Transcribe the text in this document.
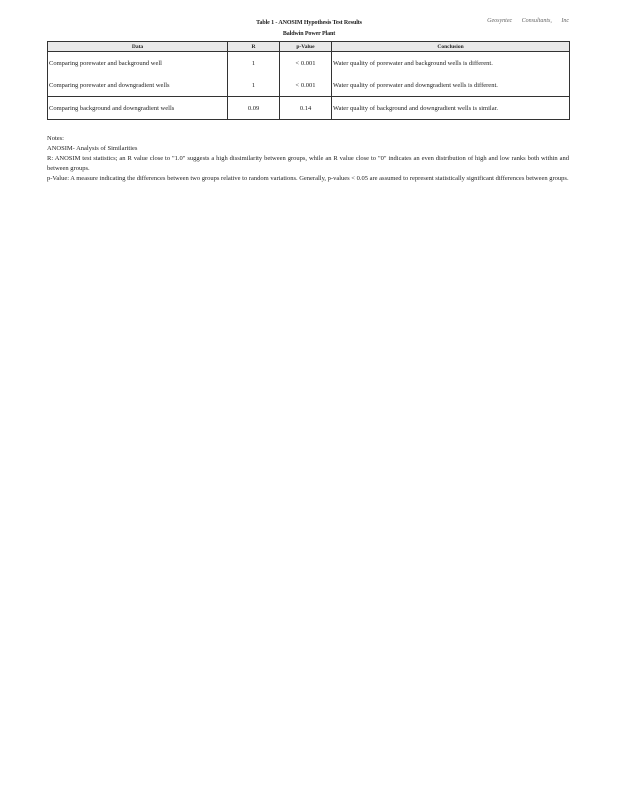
Table 1 - ANOSIM Hypothesis Test Results
Baldwin Power Plant
Geosyntec Consultants, Inc
Data	R	p-Value	Conclusion
Comparing porewater and background well	1	< 0.001	Water quality of porewater and background wells is different.
Comparing porewater and downgradient wells	1	< 0.001	Water quality of porewater and downgradient wells is different.
Comparing background and downgradient wells	0.09	0.14	Water quality of background and downgradient wells is similar.

Notes:

ANOSIM- Analysis of Similarities

R: ANOSIM test statistics; an R value close to "1.0" suggests a high dissimilarity between groups, while an R value close to "0" indicates an even distribution of high and low ranks both within and between groups.

p-Value: A measure indicating the differences between two groups relative to random variations. Generally, p-values < 0.05 are assumed to represent statistically significant differences between groups.
